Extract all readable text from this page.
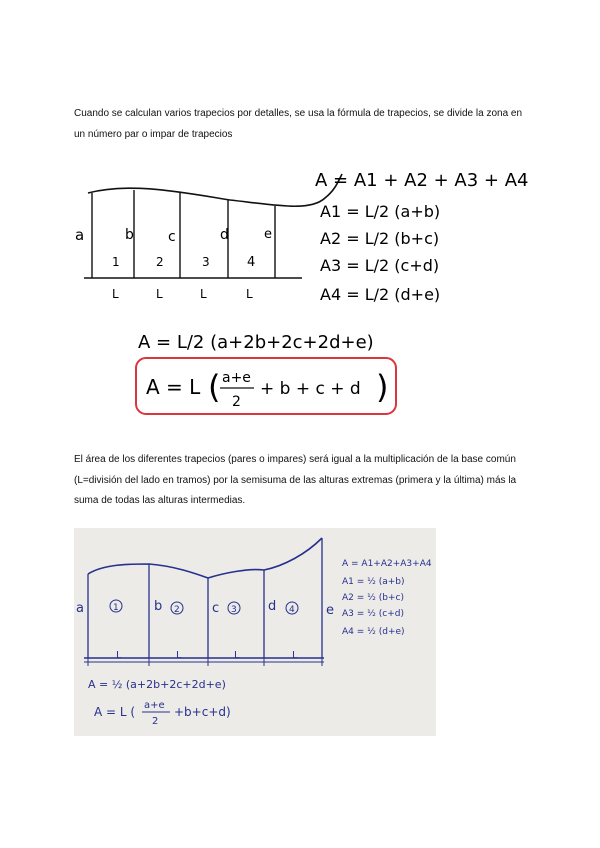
Cuando se calculan varios trapecios por detalles, se usa la fórmula de trapecios, se divide la zona en un número par o impar de trapecios
a	b c	d	e
1	2	3	4
L	L	L	L
A = A1 + A2 + A3 + A4
A1 = L/2 (a+b)
A2 = L/2 (b+c)
A3 = L/2 (c+d)
A4 = L/2 (d+e)
A = L/2 (a+2b+2c+2d+e)
A = L ( a+e
2
+ b + c + d )
El área de los diferentes trapecios (pares o impares) será igual a la multiplicación de la base común (L=división del lado en tramos) por la semisuma de las alturas extremas (primera y la última) más la suma de todas las alturas intermedias.
a	b	c	d	e
1	2	3	4
L	L	L	L
A = A1+A2+A3+A4
A1 = ½ (a+b)
A2 = ½ (b+c)
A3 = ½ (c+d)
A4 = ½ (d+e)
A = ½ (a+2b+2c+2d+e)
A = L ( a+e
2
+b+c+d)
